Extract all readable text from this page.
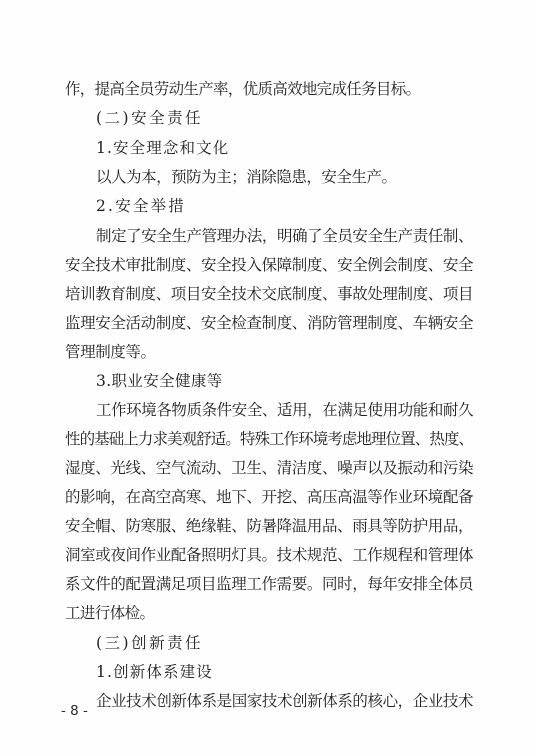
作，提高全员劳动生产率，优质高效地完成任务目标。
(二)安全责任
1.安全理念和文化
以人为本，预防为主；消除隐患，安全生产。
2.安全举措
制定了安全生产管理办法，明确了全员安全生产责任制、
安全技术审批制度、安全投入保障制度、安全例会制度、安全
培训教育制度、项目安全技术交底制度、事故处理制度、项目
监理安全活动制度、安全检查制度、消防管理制度、车辆安全
管理制度等。
3.职业安全健康等
工作环境各物质条件安全、适用，在满足使用功能和耐久
性的基础上力求美观舒适。特殊工作环境考虑地理位置、热度、
湿度、光线、空气流动、卫生、清洁度、噪声以及振动和污染
的影响，在高空高寒、地下、开挖、高压高温等作业环境配备
安全帽、防寒服、绝缘鞋、防暑降温用品、雨具等防护用品，
洞室或夜间作业配备照明灯具。技术规范、工作规程和管理体
系文件的配置满足项目监理工作需要。同时，每年安排全体员
工进行体检。
(三)创新责任
1.创新体系建设
企业技术创新体系是国家技术创新体系的核心，企业技术
- 8 -
